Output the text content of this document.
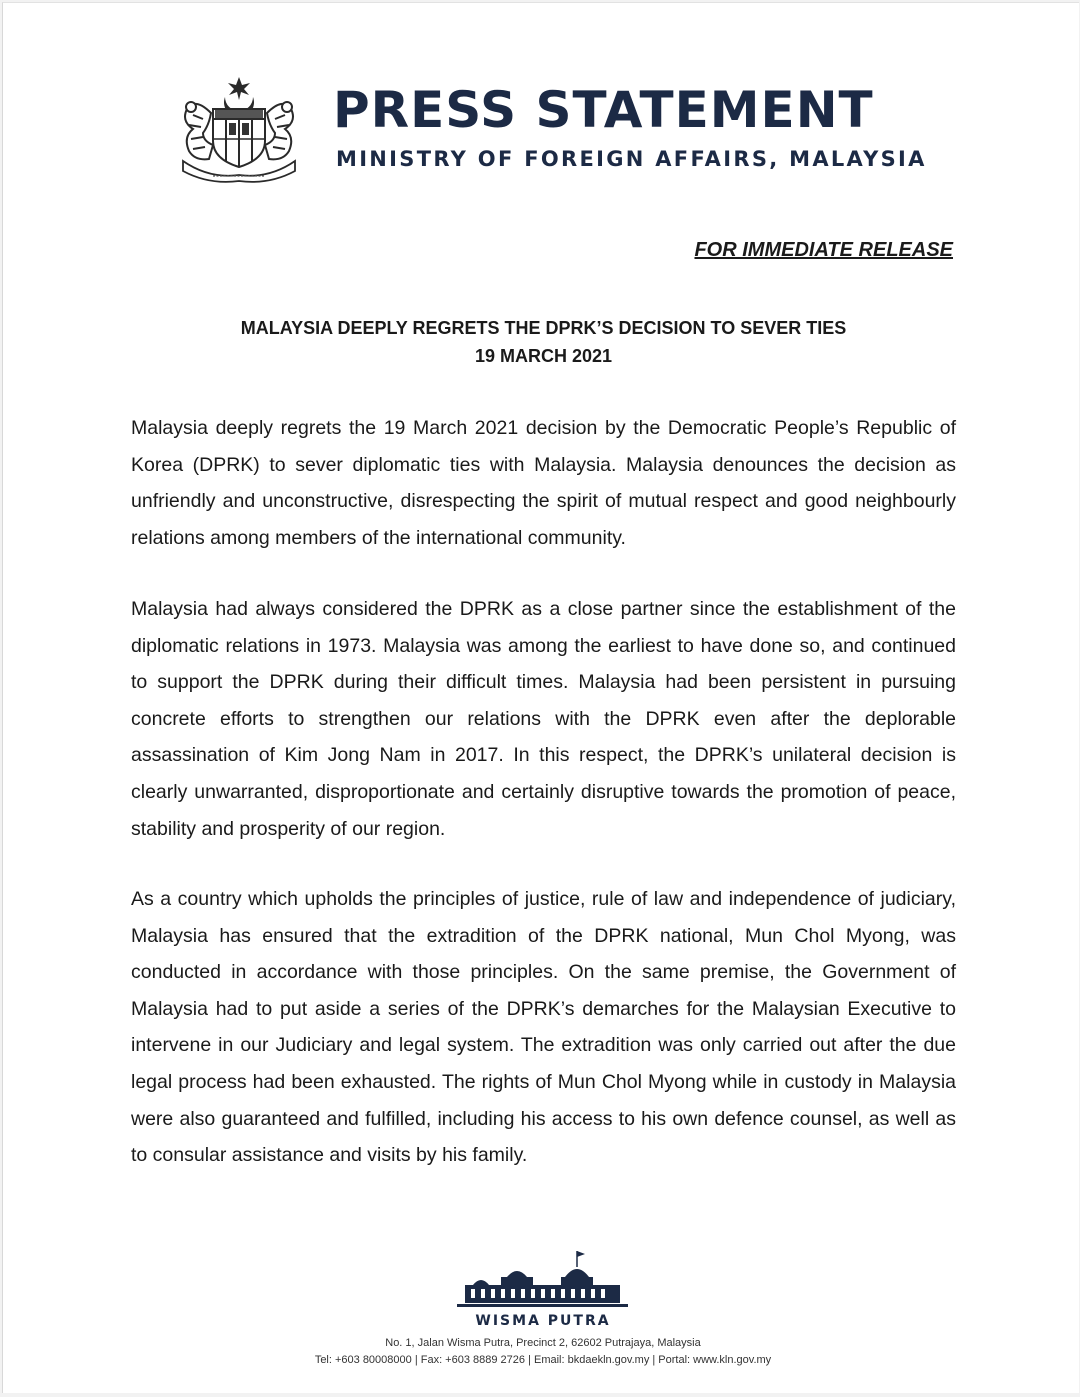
PRESS STATEMENT
MINISTRY OF FOREIGN AFFAIRS, MALAYSIA
FOR IMMEDIATE RELEASE
MALAYSIA DEEPLY REGRETS THE DPRK’S DECISION TO SEVER TIES
19 MARCH 2021

Malaysia deeply regrets the 19 March 2021 decision by the Democratic People’s Republic of Korea (DPRK) to sever diplomatic ties with Malaysia. Malaysia denounces the decision as unfriendly and unconstructive, disrespecting the spirit of mutual respect and good neighbourly relations among members of the international community.

Malaysia had always considered the DPRK as a close partner since the establishment of the diplomatic relations in 1973. Malaysia was among the earliest to have done so, and continued to support the DPRK during their difficult times. Malaysia had been persistent in pursuing concrete efforts to strengthen our relations with the DPRK even after the deplorable assassination of Kim Jong Nam in 2017. In this respect, the DPRK’s unilateral decision is clearly unwarranted, disproportionate and certainly disruptive towards the promotion of peace, stability and prosperity of our region.

As a country which upholds the principles of justice, rule of law and independence of judiciary, Malaysia has ensured that the extradition of the DPRK national, Mun Chol Myong, was conducted in accordance with those principles. On the same premise, the Government of Malaysia had to put aside a series of the DPRK’s demarches for the Malaysian Executive to intervene in our Judiciary and legal system. The extradition was only carried out after the due legal process had been exhausted. The rights of Mun Chol Myong while in custody in Malaysia were also guaranteed and fulfilled, including his access to his own defence counsel, as well as to consular assistance and visits by his family.

WISMA PUTRA
No. 1, Jalan Wisma Putra, Precinct 2, 62602 Putrajaya, Malaysia
Tel: +603 80008000 | Fax: +603 8889 2726 | Email: bkdaekln.gov.my | Portal: www.kln.gov.my
